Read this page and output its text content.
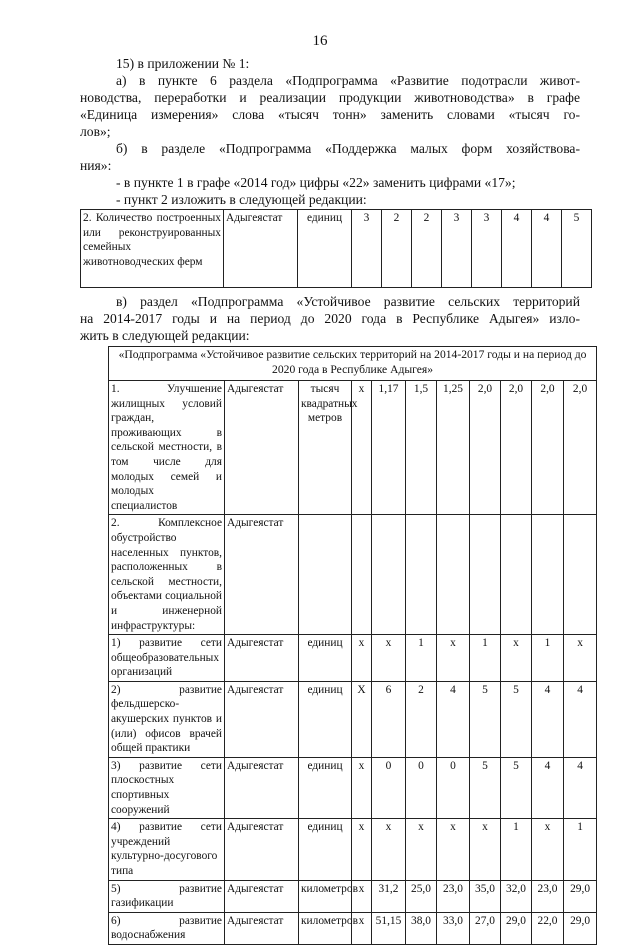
16
15) в приложении № 1:
а) в пункте 6 раздела «Подпрограмма «Развитие подотрасли живот-
новодства, переработки и реализации продукции животноводства» в графе
«Единица измерения» слова «тысяч тонн» заменить словами «тысяч го-
лов»;
б) в разделе «Подпрограмма «Поддержка малых форм хозяйствова-
ния»:
- в пункте 1 в графе «2014 год» цифры «22» заменить цифрами «17»;
- пункт 2 изложить в следующей редакции:
2. Количество построенных или реконструированных семейных животноводческих ферм	Адыгеястат	единиц	3	2	2	3	3	4	4	5
в) раздел «Подпрограмма «Устойчивое развитие сельских территорий
на 2014-2017 годы и на период до 2020 года в Республике Адыгея» изло-
жить в следующей редакции:
«Подпрограмма «Устойчивое развитие сельских территорий на 2014-2017 годы и на период до 2020 года в Республике Адыгея»										
1. Улучшение жилищных условий граждан, проживающих в сельской местности, в том числе для молодых семей и молодых специалистов	Адыгеястат	тысяч квадратных метров	х	1,17	1,5	1,25	2,0	2,0	2,0	2,0
2. Комплексное обустройство населенных пунктов, расположенных в сельской местности, объектами социальной и инженерной инфраструктуры:	Адыгеястат									
1) развитие сети общеобразовательных организаций	Адыгеястат	единиц	х	х	1	х	1	х	1	х
2) развитие фельдшерско-акушерских пунктов и (или) офисов врачей общей практики	Адыгеястат	единиц	Х	6	2	4	5	5	4	4
3) развитие сети плоскостных спортивных сооружений	Адыгеястат	единиц	х	0	0	0	5	5	4	4
4) развитие сети учреждений культурно-досугового типа	Адыгеястат	единиц	х	х	х	х	х	1	х	1
5) развитие газификации	Адыгеястат	километров	х	31,2	25,0	23,0	35,0	32,0	23,0	29,0
6) развитие водоснабжения	Адыгеястат	километров	х	51,15	38,0	33,0	27,0	29,0	22,0	29,0
